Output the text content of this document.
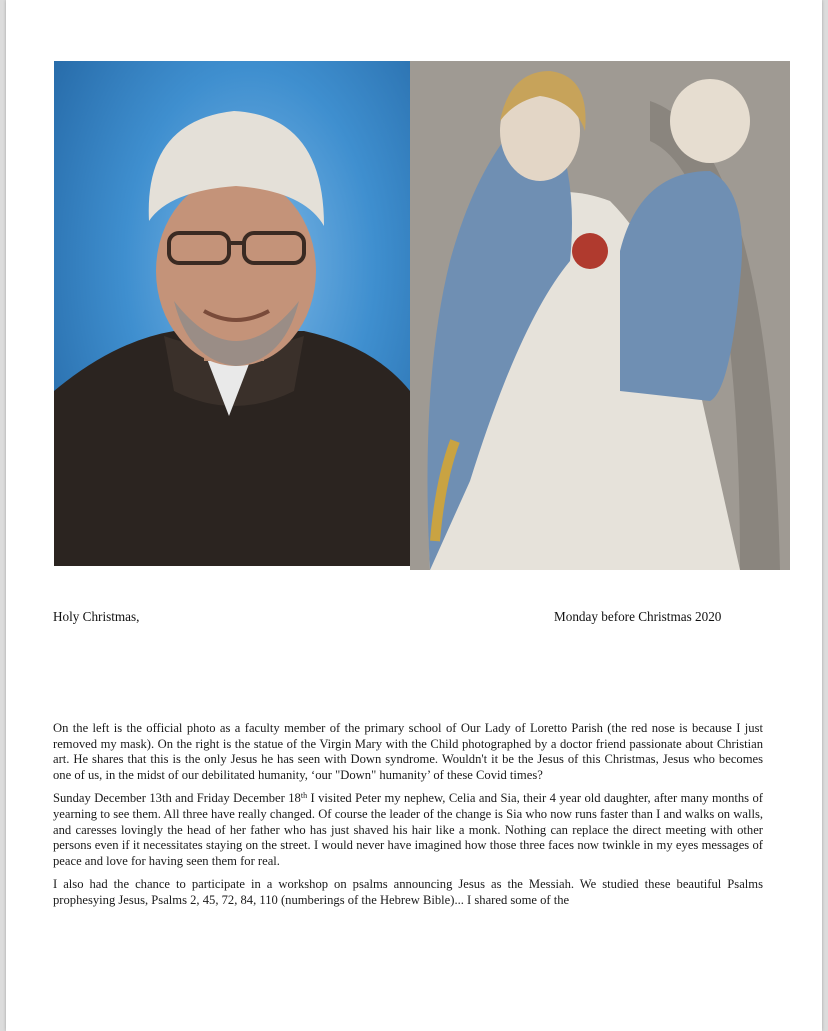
Holy Christmas,	Monday before Christmas 2020

On the left is the official photo as a faculty member of the primary school of Our Lady of Loretto Parish (the red nose is because I just removed my mask). On the right is the statue of the Virgin Mary with the Child photographed by a doctor friend passionate about Christian art. He shares that this is the only Jesus he has seen with Down syndrome. Wouldn't it be the Jesus of this Christmas, Jesus who becomes one of us, in the midst of our debilitated humanity, ‘our "Down" humanity’ of these Covid times?

Sunday December 13th and Friday December 18th I visited Peter my nephew, Celia and Sia, their 4 year old daughter, after many months of yearning to see them. All three have really changed. Of course the leader of the change is Sia who now runs faster than I and walks on walls, and caresses lovingly the head of her father who has just shaved his hair like a monk. Nothing can replace the direct meeting with other persons even if it necessitates staying on the street. I would never have imagined how those three faces now twinkle in my eyes messages of peace and love for having seen them for real.

I also had the chance to participate in a workshop on psalms announcing Jesus as the Messiah. We studied these beautiful Psalms prophesying Jesus, Psalms 2, 45, 72, 84, 110 (numberings of the Hebrew Bible)... I shared some of the
